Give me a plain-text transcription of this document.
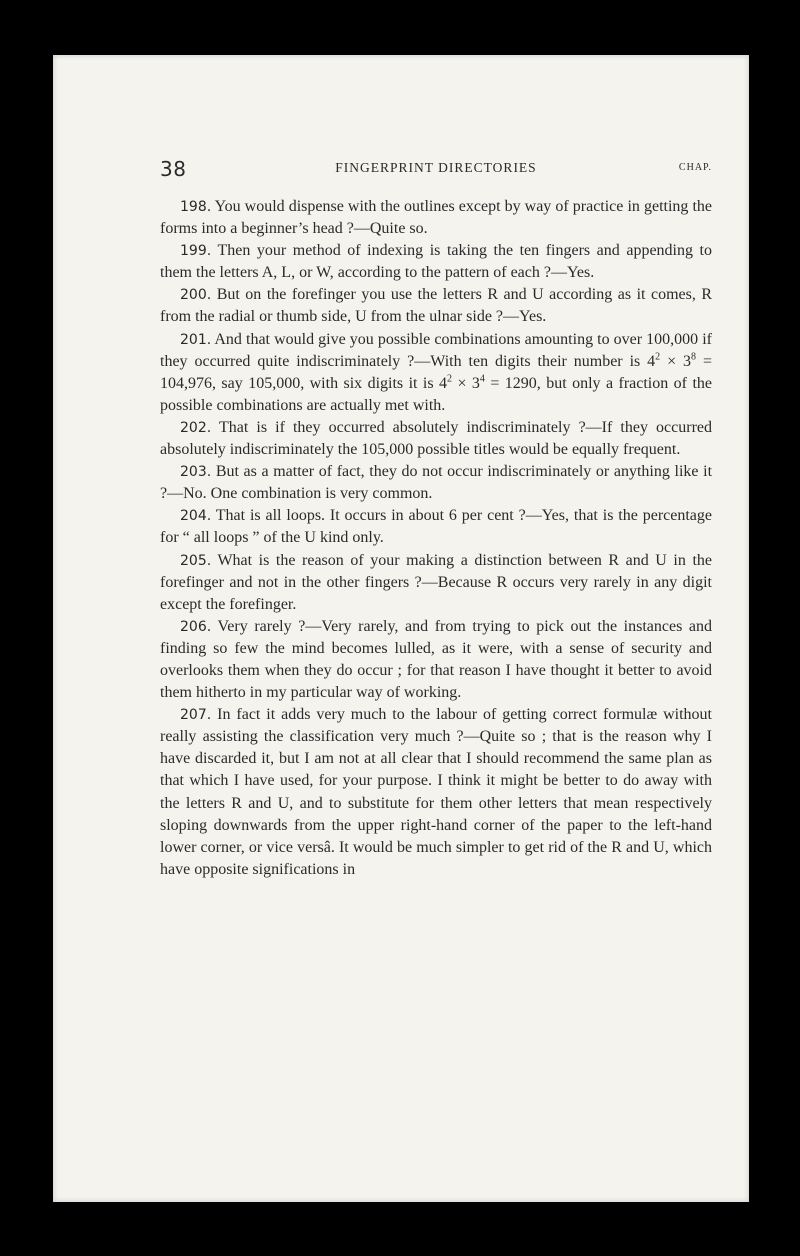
38	FINGERPRINT DIRECTORIES	CHAP.

198. You would dispense with the outlines except by way of practice in getting the forms into a beginner’s head ?—Quite so.

199. Then your method of indexing is taking the ten fingers and appending to them the letters A, L, or W, according to the pattern of each ?—Yes.

200. But on the forefinger you use the letters R and U according as it comes, R from the radial or thumb side, U from the ulnar side ?—Yes.

201. And that would give you possible combinations amounting to over 100,000 if they occurred quite indiscriminately ?—With ten digits their number is $4^2 \times 3^8 = 104,976$, say 105,000, with six digits it is $4^2 \times 3^4 = 1290$, but only a fraction of the possible combinations are actually met with.

202. That is if they occurred absolutely indiscriminately ?—If they occurred absolutely indiscriminately the 105,000 possible titles would be equally frequent.

203. But as a matter of fact, they do not occur indiscriminately or anything like it ?—No. One combination is very common.

204. That is all loops. It occurs in about 6 per cent ?—Yes, that is the percentage for “ all loops ” of the U kind only.

205. What is the reason of your making a distinction between R and U in the forefinger and not in the other fingers ?—Because R occurs very rarely in any digit except the forefinger.

206. Very rarely ?—Very rarely, and from trying to pick out the instances and finding so few the mind becomes lulled, as it were, with a sense of security and overlooks them when they do occur ; for that reason I have thought it better to avoid them hitherto in my particular way of working.

207. In fact it adds very much to the labour of getting correct formulæ without really assisting the classification very much ?—Quite so ; that is the reason why I have discarded it, but I am not at all clear that I should recommend the same plan as that which I have used, for your purpose. I think it might be better to do away with the letters R and U, and to substitute for them other letters that mean respectively sloping downwards from the upper right-hand corner of the paper to the left-hand lower corner, or vice versâ. It would be much simpler to get rid of the R and U, which have opposite significations in
